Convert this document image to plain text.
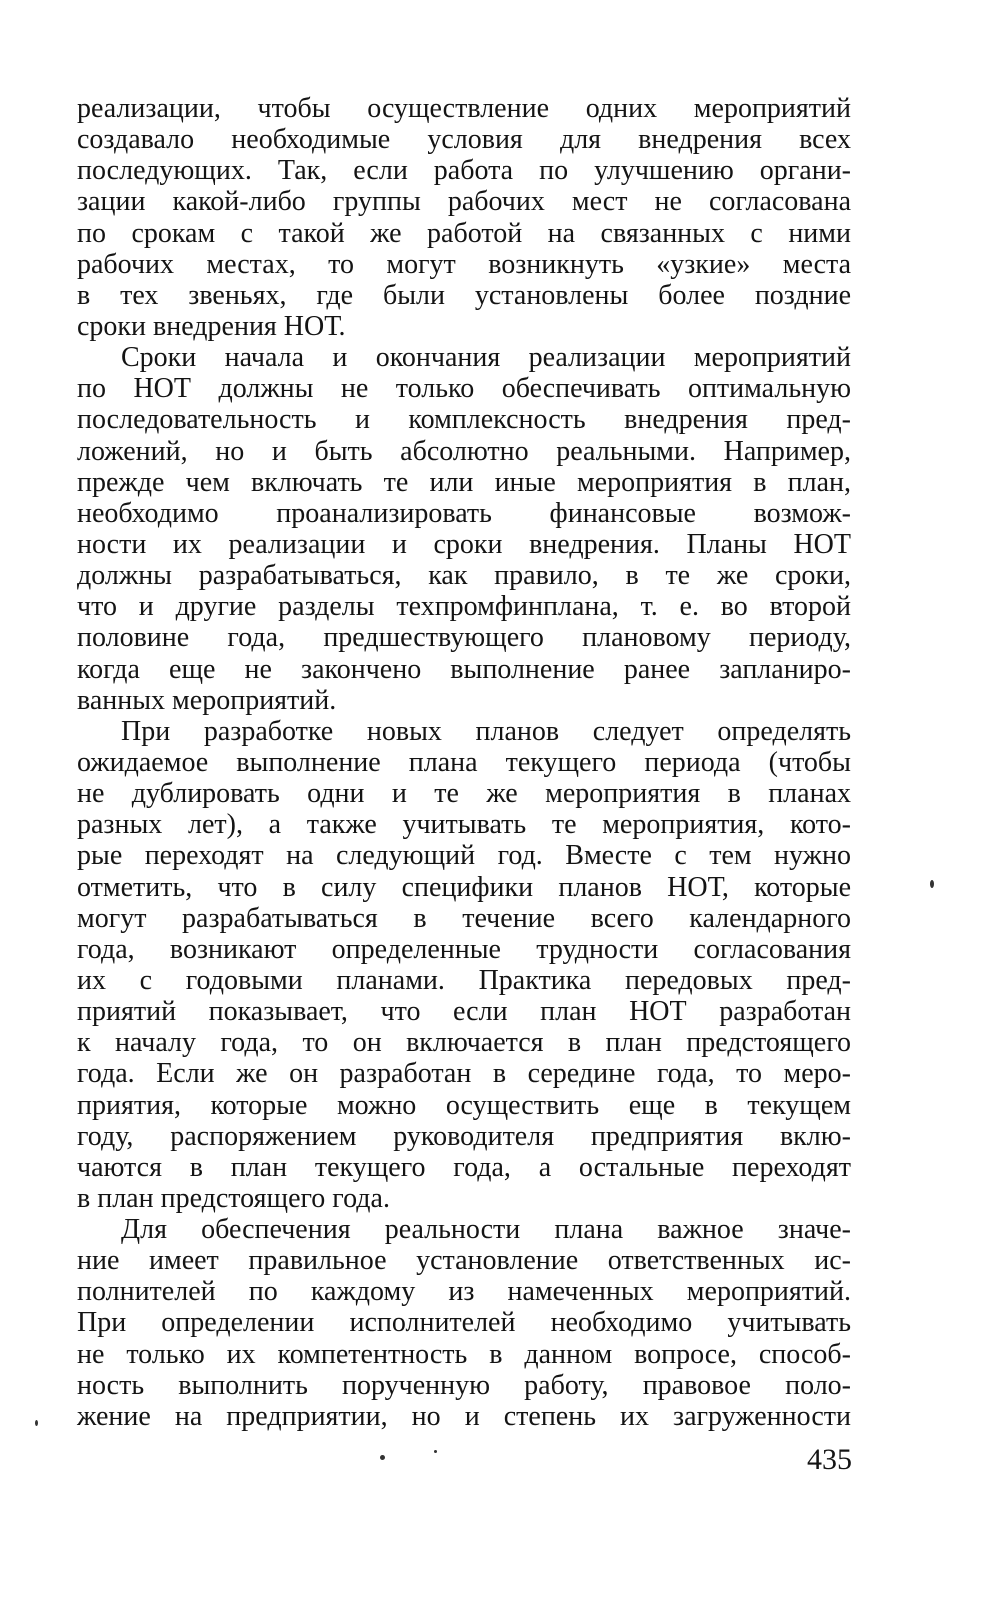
реализации, чтобы осуществление одних мероприятий
создавало необходимые условия для внедрения всех
последующих. Так, если работа по улучшению органи-
зации какой-либо группы рабочих мест не согласована
по срокам с такой же работой на связанных с ними
рабочих местах, то могут возникнуть «узкие» места
в тех звеньях, где были установлены более поздние
сроки внедрения НОТ.
Сроки начала и окончания реализации мероприятий
по НОТ должны не только обеспечивать оптимальную
последовательность и комплексность внедрения пред-
ложений, но и быть абсолютно реальными. Например,
прежде чем включать те или иные мероприятия в план,
необходимо проанализировать финансовые возмож-
ности их реализации и сроки внедрения. Планы НОТ
должны разрабатываться, как правило, в те же сроки,
что и другие разделы техпромфинплана, т. е. во второй
половине года, предшествующего плановому периоду,
когда еще не закончено выполнение ранее запланиро-
ванных мероприятий.
При разработке новых планов следует определять
ожидаемое выполнение плана текущего периода (чтобы
не дублировать одни и те же мероприятия в планах
разных лет), а также учитывать те мероприятия, кото-
рые переходят на следующий год. Вместе с тем нужно
отметить, что в силу специфики планов НОТ, которые
могут разрабатываться в течение всего календарного
года, возникают определенные трудности согласования
их с годовыми планами. Практика передовых пред-
приятий показывает, что если план НОТ разработан
к началу года, то он включается в план предстоящего
года. Если же он разработан в середине года, то меро-
приятия, которые можно осуществить еще в текущем
году, распоряжением руководителя предприятия вклю-
чаются в план текущего года, а остальные переходят
в план предстоящего года.
Для обеспечения реальности плана важное значе-
ние имеет правильное установление ответственных ис-
полнителей по каждому из намеченных мероприятий.
При определении исполнителей необходимо учитывать
не только их компетентность в данном вопросе, способ-
ность выполнить порученную работу, правовое поло-
жение на предприятии, но и степень их загруженности
435
